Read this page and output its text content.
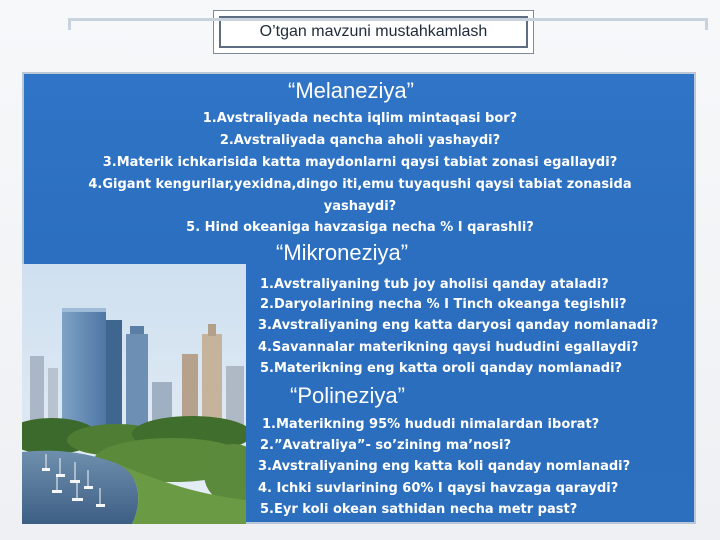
O’tgan mavzuni mustahkamlash
“Melaneziya”
1.Avstraliyada nechta iqlim mintaqasi bor?
2.Avstraliyada qancha aholi yashaydi?
3.Materik ichkarisida katta maydonlarni qaysi tabiat zonasi egallaydi?
4.Gigant kengurilar,yexidna,dingo iti,emu tuyaqushi qaysi tabiat zonasida
yashaydi?
5. Hind okeaniga havzasiga necha % I qarashli?
“Mikroneziya”
1.Avstraliyaning tub joy aholisi qanday ataladi?
2.Daryolarining necha % I Tinch okeanga tegishli?
3.Avstraliyaning eng katta daryosi qanday nomlanadi?
4.Savannalar materikning qaysi hududini egallaydi?
5.Materikning eng katta oroli qanday nomlanadi?
“Polineziya”
1.Materikning 95% hududi nimalardan iborat?
2.”Avatraliya”- so’zining ma’nosi?
3.Avstraliyaning eng katta koli qanday nomlanadi?
4. Ichki suvlarining 60% I qaysi havzaga qaraydi?
5.Eyr koli okean sathidan necha metr past?
